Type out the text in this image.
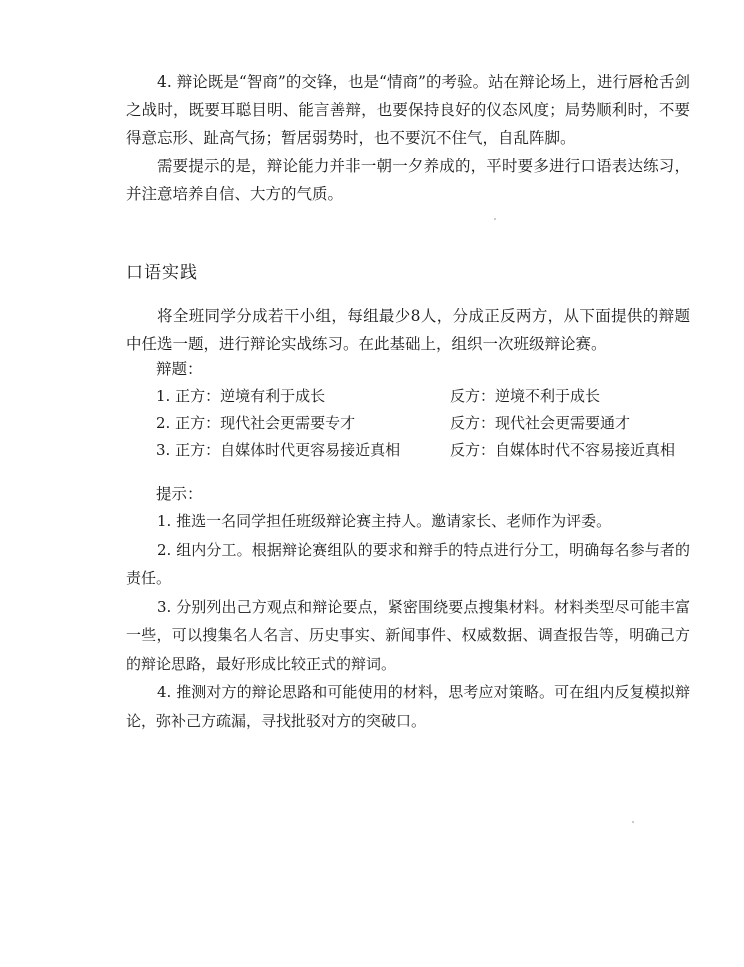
4. 辩论既是“智商”的交锋，也是“情商”的考验。站在辩论场上，进行唇枪舌剑之战时，既要耳聪目明、能言善辩，也要保持良好的仪态风度；局势顺利时，不要得意忘形、趾高气扬；暂居弱势时，也不要沉不住气，自乱阵脚。

需要提示的是，辩论能力并非一朝一夕养成的，平时要多进行口语表达练习，并注意培养自信、大方的气质。

口语实践

将全班同学分成若干小组，每组最少8人，分成正反两方，从下面提供的辩题中任选一题，进行辩论实战练习。在此基础上，组织一次班级辩论赛。

辩题：

1. 正方：逆境有利于成长	反方：逆境不利于成长
2. 正方：现代社会更需要专才	反方：现代社会更需要通才
3. 正方：自媒体时代更容易接近真相	反方：自媒体时代不容易接近真相

提示：

1. 推选一名同学担任班级辩论赛主持人。邀请家长、老师作为评委。
2. 组内分工。根据辩论赛组队的要求和辩手的特点进行分工，明确每名参与者的责任。
3. 分别列出己方观点和辩论要点，紧密围绕要点搜集材料。材料类型尽可能丰富一些，可以搜集名人名言、历史事实、新闻事件、权威数据、调查报告等，明确己方的辩论思路，最好形成比较正式的辩词。
4. 推测对方的辩论思路和可能使用的材料，思考应对策略。可在组内反复模拟辩论，弥补己方疏漏，寻找批驳对方的突破口。
